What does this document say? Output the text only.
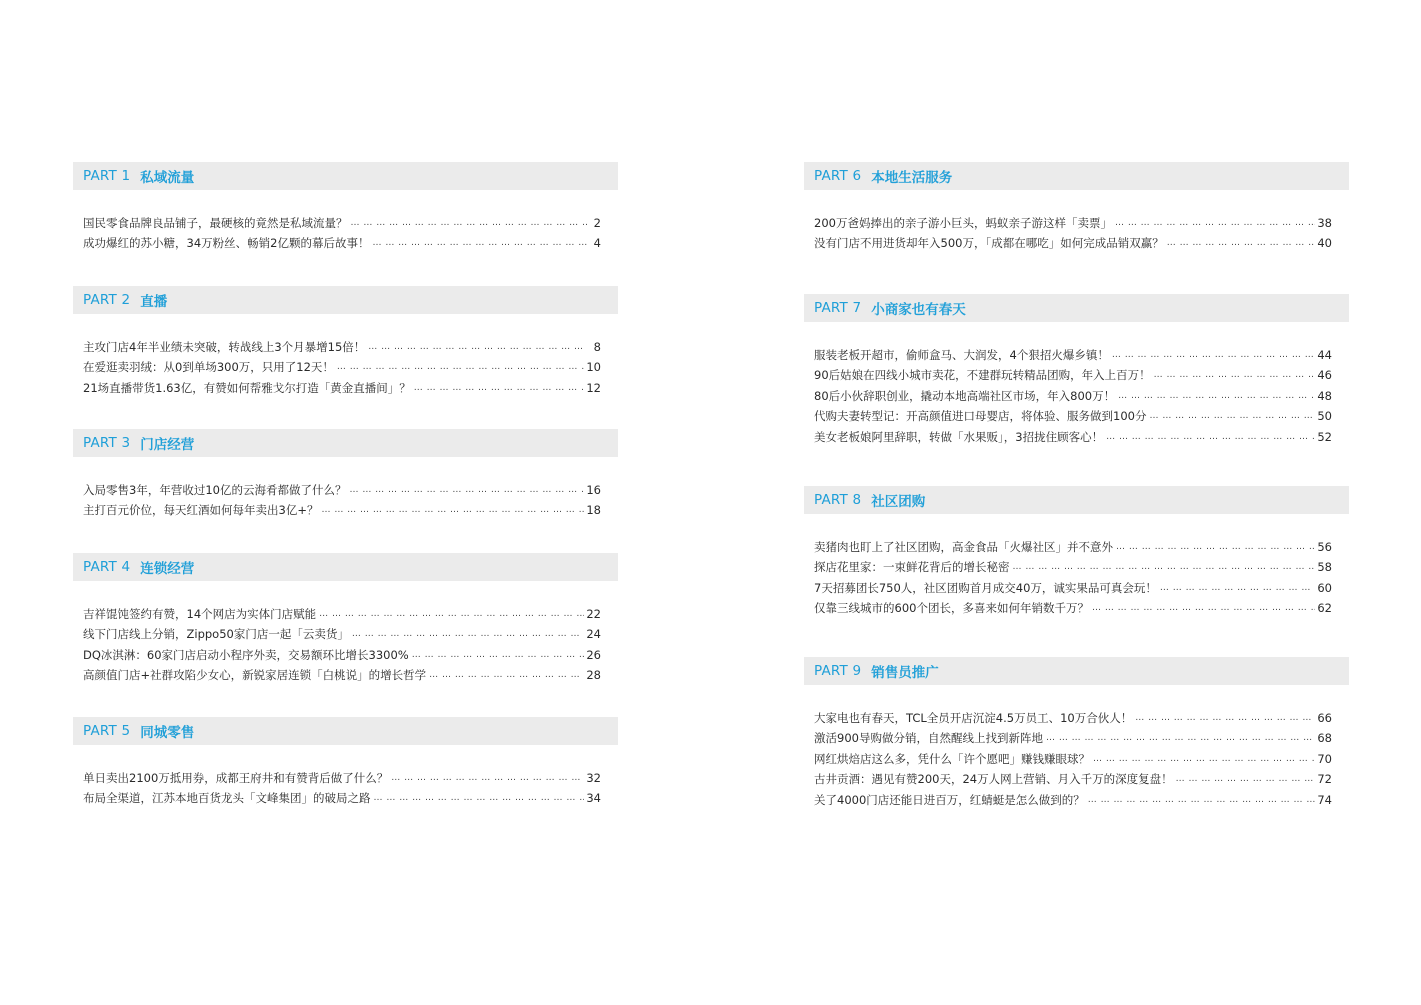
PART 1 私域流量
国民零食品牌良品铺子，最硬核的竟然是私域流量？ … … … … … … … … … … … … … … … … … … … … … … … … … … … … … … … … … … … … … … … … … …	2
成功爆红的苏小糖，34万粉丝、畅销2亿颗的幕后故事！ … … … … … … … … … … … … … … … … … … … … … … … … … … … … … … … … … … … … … … … … … …	4
PART 2 直播
主攻门店4年半业绩未突破，转战线上3个月暴增15倍！ … … … … … … … … … … … … … … … … … … … … … … … … … … … … … … … … … … … … … … … … … …	8
在爱逛卖羽绒：从0到单场300万，只用了12天！ … … … … … … … … … … … … … … … … … … … … … … … … … … … … … … … … … … … … … … … … … …	10
21场直播带货1.63亿，有赞如何帮雅戈尔打造「黄金直播间」？ … … … … … … … … … … … … … … … … … … … … … … … … … … … … … … … … … … … … … … … … … …	12
PART 3 门店经营
入局零售3年，年营收过10亿的云海肴都做了什么？ … … … … … … … … … … … … … … … … … … … … … … … … … … … … … … … … … … … … … … … … … …	16
主打百元价位，每天红酒如何每年卖出3亿+？ … … … … … … … … … … … … … … … … … … … … … … … … … … … … … … … … … … … … … … … … … …	18
PART 4 连锁经营
吉祥馄饨签约有赞，14个网店为实体门店赋能 … … … … … … … … … … … … … … … … … … … … … … … … … … … … … … … … … … … … … … … … … …	22
线下门店线上分销，Zippo50家门店一起「云卖货」 … … … … … … … … … … … … … … … … … … … … … … … … … … … … … … … … … … … … … … … … … …	24
DQ冰淇淋：60家门店启动小程序外卖，交易额环比增长3300% … … … … … … … … … … … … … … … … … … … … … … … … … … … … … … … … … … … … … … … … … …	26
高颜值门店+社群攻陷少女心，新锐家居连锁「白桃说」的增长哲学 … … … … … … … … … … … … … … … … … … … … … … … … … … … … … … … … … … … … … … … … … …	28
PART 5 同城零售
单日卖出2100万抵用券，成都王府井和有赞背后做了什么？ … … … … … … … … … … … … … … … … … … … … … … … … … … … … … … … … … … … … … … … … … …	32
布局全渠道，江苏本地百货龙头「文峰集团」的破局之路 … … … … … … … … … … … … … … … … … … … … … … … … … … … … … … … … … … … … … … … … … …	34
PART 6 本地生活服务
200万爸妈捧出的亲子游小巨头，蚂蚁亲子游这样「卖票」 … … … … … … … … … … … … … … … … … … … … … … … … … … … … … … … … … … … … … … … … … …	38
没有门店不用进货却年入500万，「成都在哪吃」如何完成品销双赢？ … … … … … … … … … … … … … … … … … … … … … … … … … … … … … … … … … … … … … … … … … …	40
PART 7 小商家也有春天
服装老板开超市，偷师盒马、大润发，4个狠招火爆乡镇！ … … … … … … … … … … … … … … … … … … … … … … … … … … … … … … … … … … … … … … … … … …	44
90后姑娘在四线小城市卖花，不建群玩转精品团购，年入上百万！ … … … … … … … … … … … … … … … … … … … … … … … … … … … … … … … … … … … … … … … … … …	46
80后小伙辞职创业，撬动本地高端社区市场，年入800万！ … … … … … … … … … … … … … … … … … … … … … … … … … … … … … … … … … … … … … … … … … …	48
代购夫妻转型记：开高颜值进口母婴店，将体验、服务做到100分 … … … … … … … … … … … … … … … … … … … … … … … … … … … … … … … … … … … … … … … … … …	50
美女老板娘阿里辞职，转做「水果贩」，3招拢住顾客心！ … … … … … … … … … … … … … … … … … … … … … … … … … … … … … … … … … … … … … … … … … …	52
PART 8 社区团购
卖猪肉也盯上了社区团购，高金食品「火爆社区」并不意外 … … … … … … … … … … … … … … … … … … … … … … … … … … … … … … … … … … … … … … … … … …	56
探店花里家：一束鲜花背后的增长秘密 … … … … … … … … … … … … … … … … … … … … … … … … … … … … … … … … … … … … … … … … … …	58
7天招募团长750人，社区团购首月成交40万，诚实果品可真会玩！ … … … … … … … … … … … … … … … … … … … … … … … … … … … … … … … … … … … … … … … … … …	60
仅靠三线城市的600个团长，多喜来如何年销数千万？ … … … … … … … … … … … … … … … … … … … … … … … … … … … … … … … … … … … … … … … … … …	62
PART 9 销售员推广
大家电也有春天，TCL全员开店沉淀4.5万员工、10万合伙人！ … … … … … … … … … … … … … … … … … … … … … … … … … … … … … … … … … … … … … … … … … …	66
激活900导购做分销，自然醒线上找到新阵地 … … … … … … … … … … … … … … … … … … … … … … … … … … … … … … … … … … … … … … … … … …	68
网红烘焙店这么多，凭什么「许个愿吧」赚钱赚眼球？ … … … … … … … … … … … … … … … … … … … … … … … … … … … … … … … … … … … … … … … … … …	70
古井贡酒：遇见有赞200天，24万人网上营销、月入千万的深度复盘！ … … … … … … … … … … … … … … … … … … … … … … … … … … … … … … … … … … … … … … … … … …	72
关了4000门店还能日进百万，红蜻蜓是怎么做到的？ … … … … … … … … … … … … … … … … … … … … … … … … … … … … … … … … … … … … … … … … … …	74
